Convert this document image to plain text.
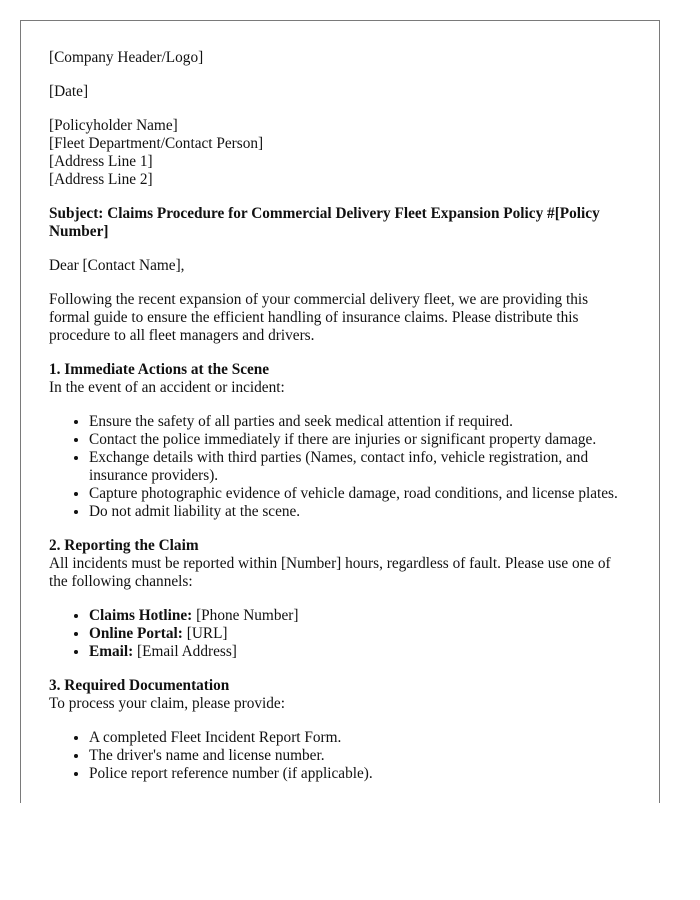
[Company Header/Logo]

[Date]

[Policyholder Name]
[Fleet Department/Contact Person]
[Address Line 1]
[Address Line 2]

Subject: Claims Procedure for Commercial Delivery Fleet Expansion Policy #[Policy Number]

Dear [Contact Name],

Following the recent expansion of your commercial delivery fleet, we are providing this formal guide to ensure the efficient handling of insurance claims. Please distribute this procedure to all fleet managers and drivers.

1. Immediate Actions at the Scene
In the event of an accident or incident:
• Ensure the safety of all parties and seek medical attention if required.
• Contact the police immediately if there are injuries or significant property damage.
• Exchange details with third parties (Names, contact info, vehicle registration, and insurance providers).
• Capture photographic evidence of vehicle damage, road conditions, and license plates.
• Do not admit liability at the scene.
2. Reporting the Claim
All incidents must be reported within [Number] hours, regardless of fault. Please use one of the following channels:
• Claims Hotline: [Phone Number]
• Online Portal: [URL]
• Email: [Email Address]
3. Required Documentation
To process your claim, please provide:
• A completed Fleet Incident Report Form.
• The driver's name and license number.
• Police report reference number (if applicable).
